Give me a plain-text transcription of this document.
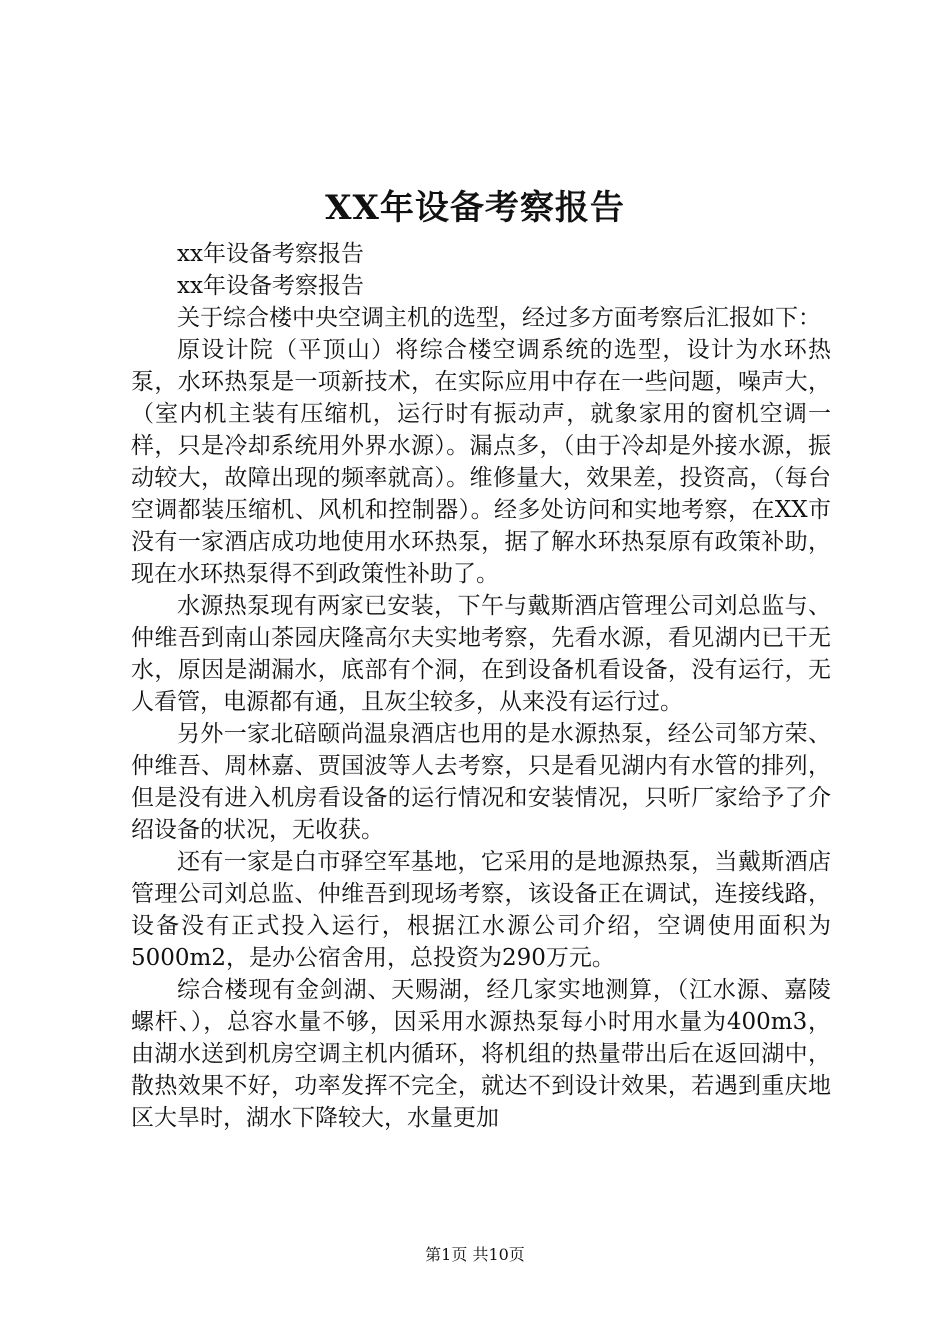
XX年设备考察报告

xx年设备考察报告

xx年设备考察报告

关于综合楼中央空调主机的选型，经过多方面考察后汇报如下：

原设计院（平顶山）将综合楼空调系统的选型，设计为水环热泵，水环热泵是一项新技术，在实际应用中存在一些问题，噪声大，（室内机主装有压缩机，运行时有振动声，就象家用的窗机空调一样，只是冷却系统用外界水源）。漏点多，（由于冷却是外接水源，振动较大，故障出现的频率就高）。维修量大，效果差，投资高，（每台空调都装压缩机、风机和控制器）。经多处访问和实地考察，在XX市没有一家酒店成功地使用水环热泵，据了解水环热泵原有政策补助，现在水环热泵得不到政策性补助了。

水源热泵现有两家已安装，下午与戴斯酒店管理公司刘总监与、仲维吾到南山茶园庆隆高尔夫实地考察，先看水源，看见湖内已干无水，原因是湖漏水，底部有个洞，在到设备机看设备，没有运行，无人看管，电源都有通，且灰尘较多，从来没有运行过。

另外一家北碚颐尚温泉酒店也用的是水源热泵，经公司邹方荣、仲维吾、周林嘉、贾国波等人去考察，只是看见湖内有水管的排列，但是没有进入机房看设备的运行情况和安装情况，只听厂家给予了介绍设备的状况，无收获。

还有一家是白市驿空军基地，它采用的是地源热泵，当戴斯酒店管理公司刘总监、仲维吾到现场考察，该设备正在调试，连接线路，设备没有正式投入运行，根据江水源公司介绍，空调使用面积为5000m2，是办公宿舍用，总投资为290万元。

综合楼现有金剑湖、天赐湖，经几家实地测算，（江水源、嘉陵螺杆、），总容水量不够，因采用水源热泵每小时用水量为400m3，由湖水送到机房空调主机内循环，将机组的热量带出后在返回湖中，散热效果不好，功率发挥不完全，就达不到设计效果，若遇到重庆地区大旱时，湖水下降较大，水量更加

第1页 共10页
